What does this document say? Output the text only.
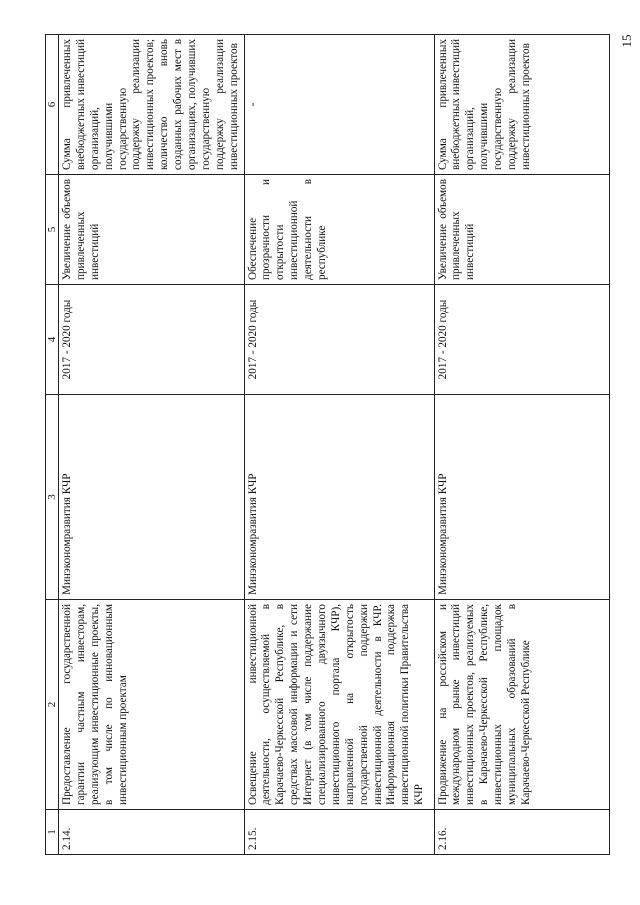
15
1	2	3	4	5	6
2.14.	Предоставление государственной гарантии частным инвесторам, реализующим инвестиционные проекты, в том числе по инновационным инвестиционным проектам	Минэкономразвития КЧР	2017 - 2020 годы	Увеличение объемов привлеченных инвестиций	Сумма привлеченных внебюджетных инвестиций организаций, получившими государственную поддержку реализации инвестиционных проектов; количество вновь созданных рабочих мест в организациях, получивших государственную поддержку реализации инвестиционных проектов
2.15.	Освещение инвестиционной деятельности, осуществляемой в Карачаево-Черкесской Республике, в средствах массовой информации и сети Интернет (в том числе поддержание специализированного двуязычного инвестиционного портала КЧР), направленной на открытость государственной поддержки инвестиционной деятельности в КЧР. Информационная поддержка инвестиционной политики Правительства КЧР	Минэкономразвития КЧР	2017 - 2020 годы	Обеспечение прозрачности и открытости инвестиционной деятельности в республике	-
2.16.	Продвижение на российском и международном рынке инвестиций инвестиционных проектов, реализуемых в Карачаево-Черкесской Республике, инвестиционных площадок муниципальных образований в Карачаево-Черкесской Республике	Минэкономразвития КЧР	2017 - 2020 годы	Увеличение объемов привлеченных инвестиций	Сумма привлеченных внебюджетных инвестиций организаций, получившими государственную поддержку реализации инвестиционных проектов
